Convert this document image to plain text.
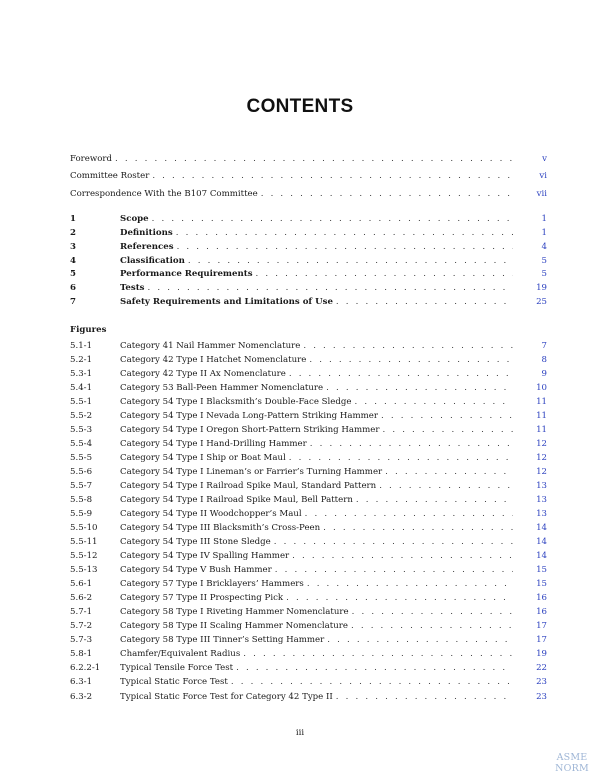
CONTENTS
Foreword . . .	v
Committee Roster . . .	vi
Correspondence With the B107 Committee . . .	vii
1	Scope . . .	1
2	Definitions . . .	1
3	References . . .	4
4	Classification . . .	5
5	Performance Requirements . . .	5
6	Tests . . .	19
7	Safety Requirements and Limitations of Use . . .	25
5.1-1	Category 41 Nail Hammer Nomenclature . . .	7
5.2-1	Category 42 Type I Hatchet Nomenclature . . .	8
5.3-1	Category 42 Type II Ax Nomenclature . . .	9
5.4-1	Category 53 Ball-Peen Hammer Nomenclature . . .	10
5.5-1	Category 54 Type I Blacksmith’s Double-Face Sledge . . .	11
5.5-2	Category 54 Type I Nevada Long-Pattern Striking Hammer . . .	11
5.5-3	Category 54 Type I Oregon Short-Pattern Striking Hammer . . .	11
5.5-4	Category 54 Type I Hand-Drilling Hammer . . .	12
5.5-5	Category 54 Type I Ship or Boat Maul . . .	12
5.5-6	Category 54 Type I Lineman’s or Farrier’s Turning Hammer . . .	12
5.5-7	Category 54 Type I Railroad Spike Maul, Standard Pattern . . .	13
5.5-8	Category 54 Type I Railroad Spike Maul, Bell Pattern . . .	13
5.5-9	Category 54 Type II Woodchopper’s Maul . . .	13
5.5-10	Category 54 Type III Blacksmith’s Cross-Peen . . .	14
5.5-11	Category 54 Type III Stone Sledge . . .	14
5.5-12	Category 54 Type IV Spalling Hammer . . .	14
5.5-13	Category 54 Type V Bush Hammer . . .	15
5.6-1	Category 57 Type I Bricklayers’ Hammers . . .	15
5.6-2	Category 57 Type II Prospecting Pick . . .	16
5.7-1	Category 58 Type I Riveting Hammer Nomenclature . . .	16
5.7-2	Category 58 Type II Scaling Hammer Nomenclature . . .	17
5.7-3	Category 58 Type III Tinner’s Setting Hammer . . .	17
5.8-1	Chamfer/Equivalent Radius . . .	19
6.2.2-1 Typical Tensile Force Test . . .	22
6.3-1	Typical Static Force Test . . .	23
6.3-2	Typical Static Force Test for Category 42 Type II . . .	23
Figures
iii
ASME NORM
